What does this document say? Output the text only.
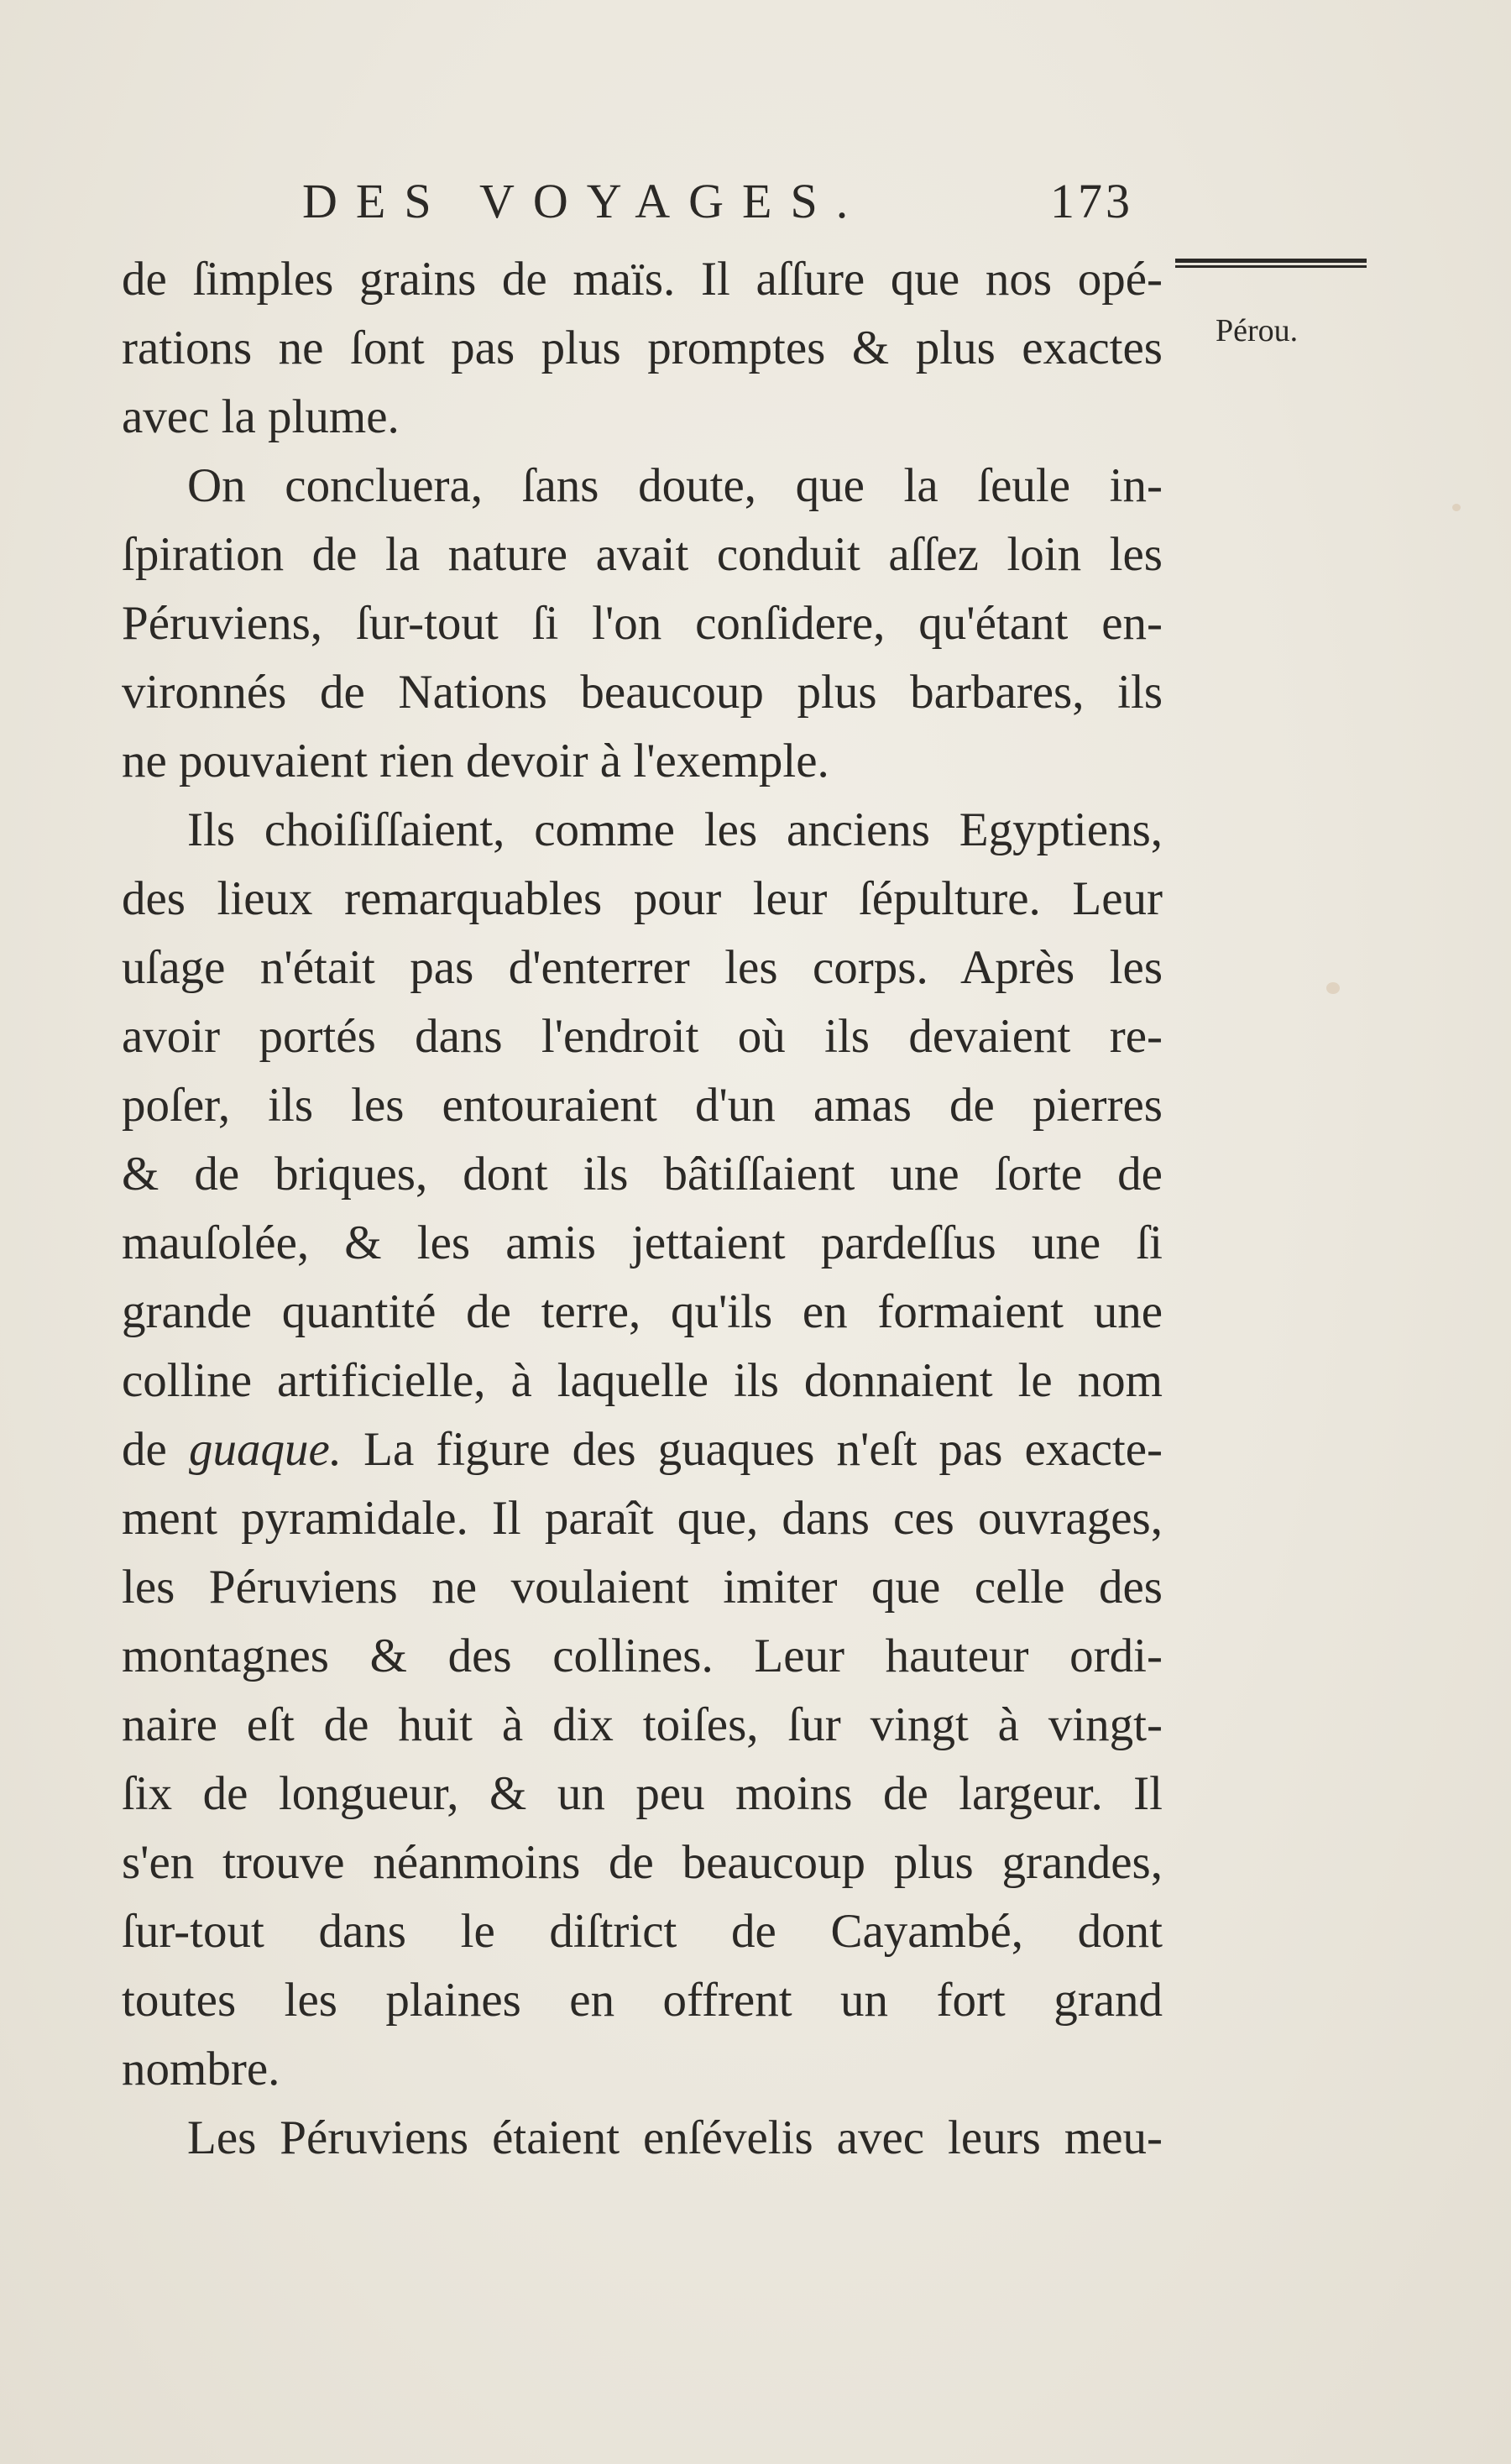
DES VOYAGES.	173
Pérou.
de ſimples grains de maïs. Il aſſure que nos opé-
rations ne ſont pas plus promptes & plus exactes
avec la plume.
On concluera, ſans doute, que la ſeule in-
ſpiration de la nature avait conduit aſſez loin les
Péruviens, ſur-tout ſi l'on conſidere, qu'étant en-
vironnés de Nations beaucoup plus barbares, ils
ne pouvaient rien devoir à l'exemple.
Ils choiſiſſaient, comme les anciens Egyptiens,
des lieux remarquables pour leur ſépulture. Leur
uſage n'était pas d'enterrer les corps. Après les
avoir portés dans l'endroit où ils devaient re-
poſer, ils les entouraient d'un amas de pierres
& de briques, dont ils bâtiſſaient une ſorte de
mauſolée, & les amis jettaient pardeſſus une ſi
grande quantité de terre, qu'ils en formaient une
colline artificielle, à laquelle ils donnaient le nom
de guaque. La figure des guaques n'eſt pas exacte-
ment pyramidale. Il paraît que, dans ces ouvrages,
les Péruviens ne voulaient imiter que celle des
montagnes & des collines. Leur hauteur ordi-
naire eſt de huit à dix toiſes, ſur vingt à vingt-
ſix de longueur, & un peu moins de largeur. Il
s'en trouve néanmoins de beaucoup plus grandes,
ſur-tout dans le diſtrict de Cayambé, dont
toutes les plaines en offrent un fort grand
nombre.
Les Péruviens étaient enſévelis avec leurs meu-
